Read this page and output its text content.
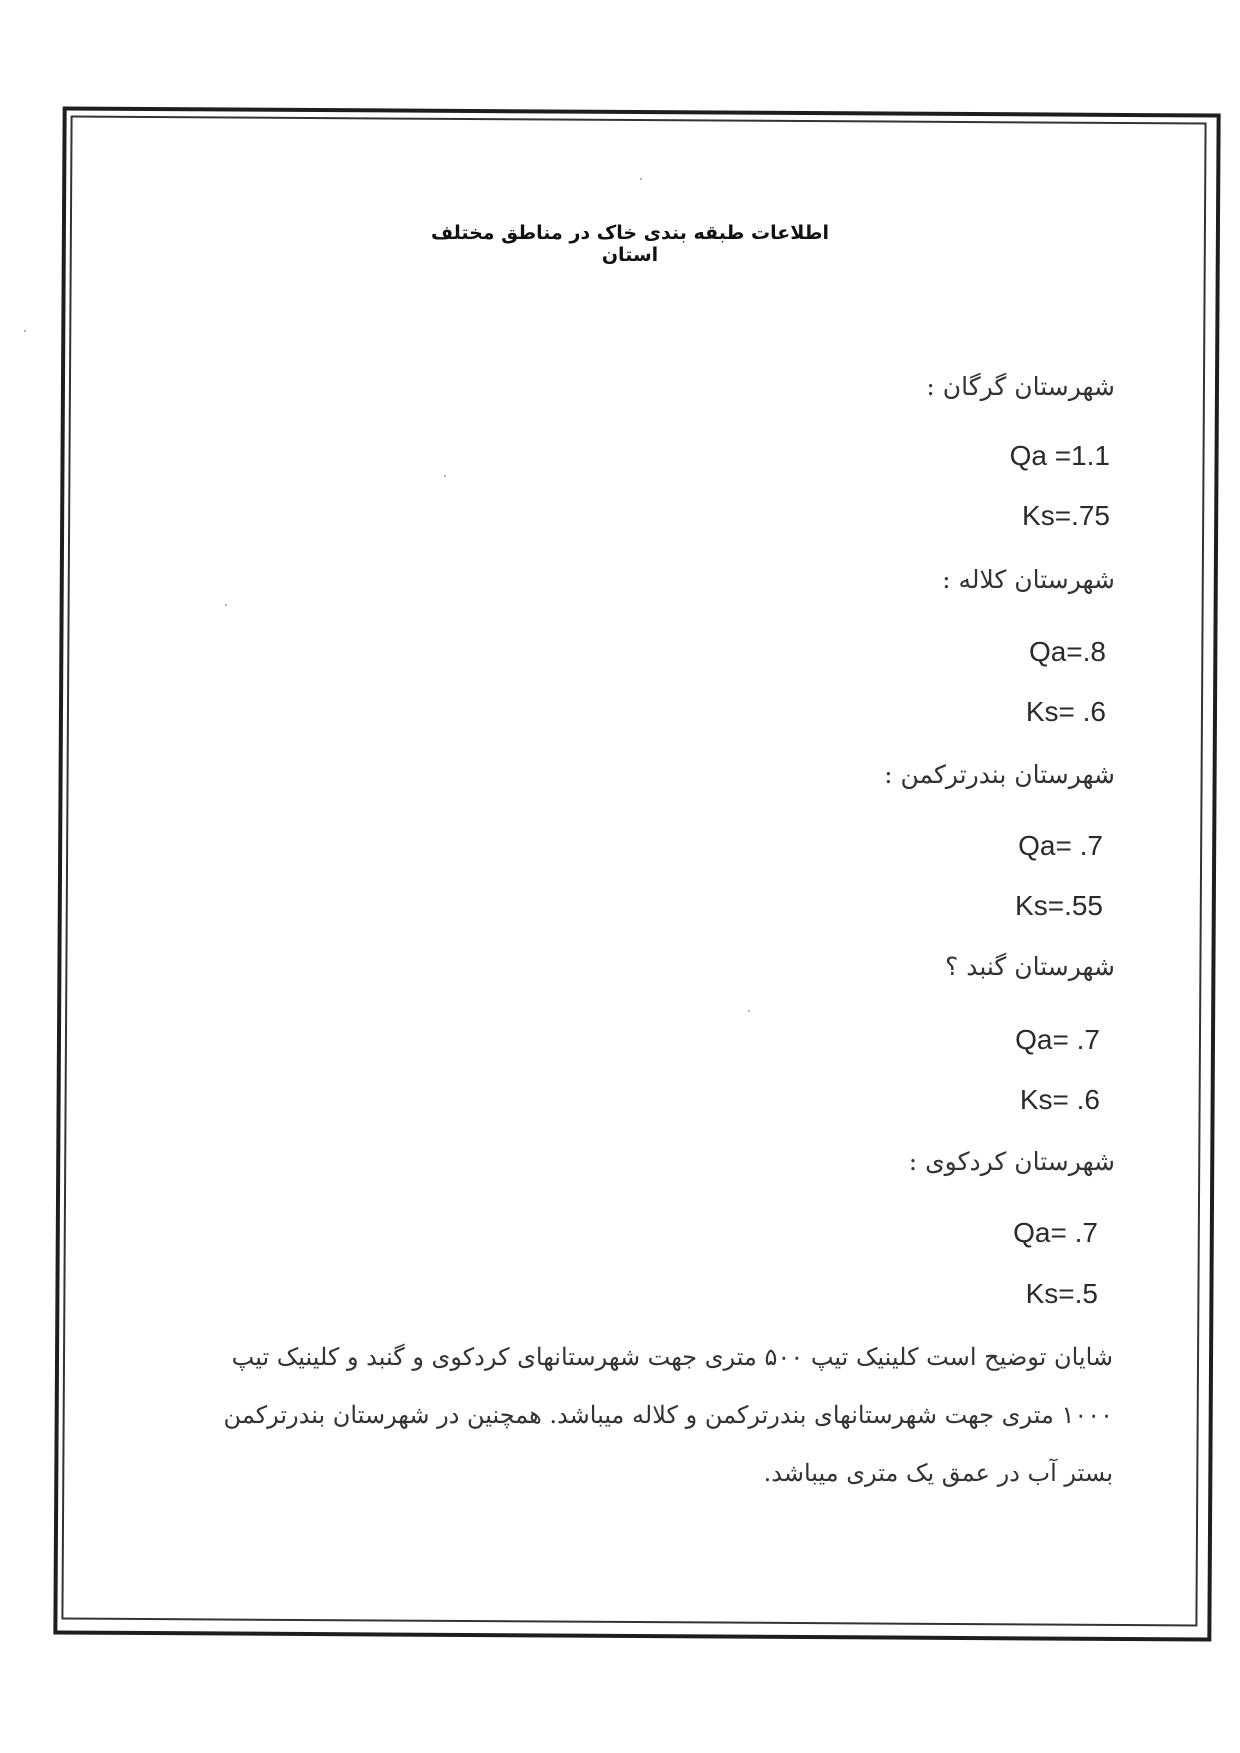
اطلاعات طبقه بندی خاک در مناطق مختلف استان
شهرستان گرگان :
Qa =1.1
Ks=.75
شهرستان کلاله :
Qa=.8
Ks= .6
شهرستان بندرترکمن :
Qa= .7
Ks=.55
شهرستان گنبد ؟
Qa= .7
Ks= .6
شهرستان کردکوی :
Qa= .7
Ks=.5
شایان توضیح است کلینیک تیپ ۵۰۰ متری جهت شهرستانهای کردکوی و گنبد و کلینیک تیپ
۱۰۰۰ متری جهت شهرستانهای بندرترکمن و کلاله میباشد. همچنین در شهرستان بندرترکمن
بستر آب در عمق یک متری میباشد.
